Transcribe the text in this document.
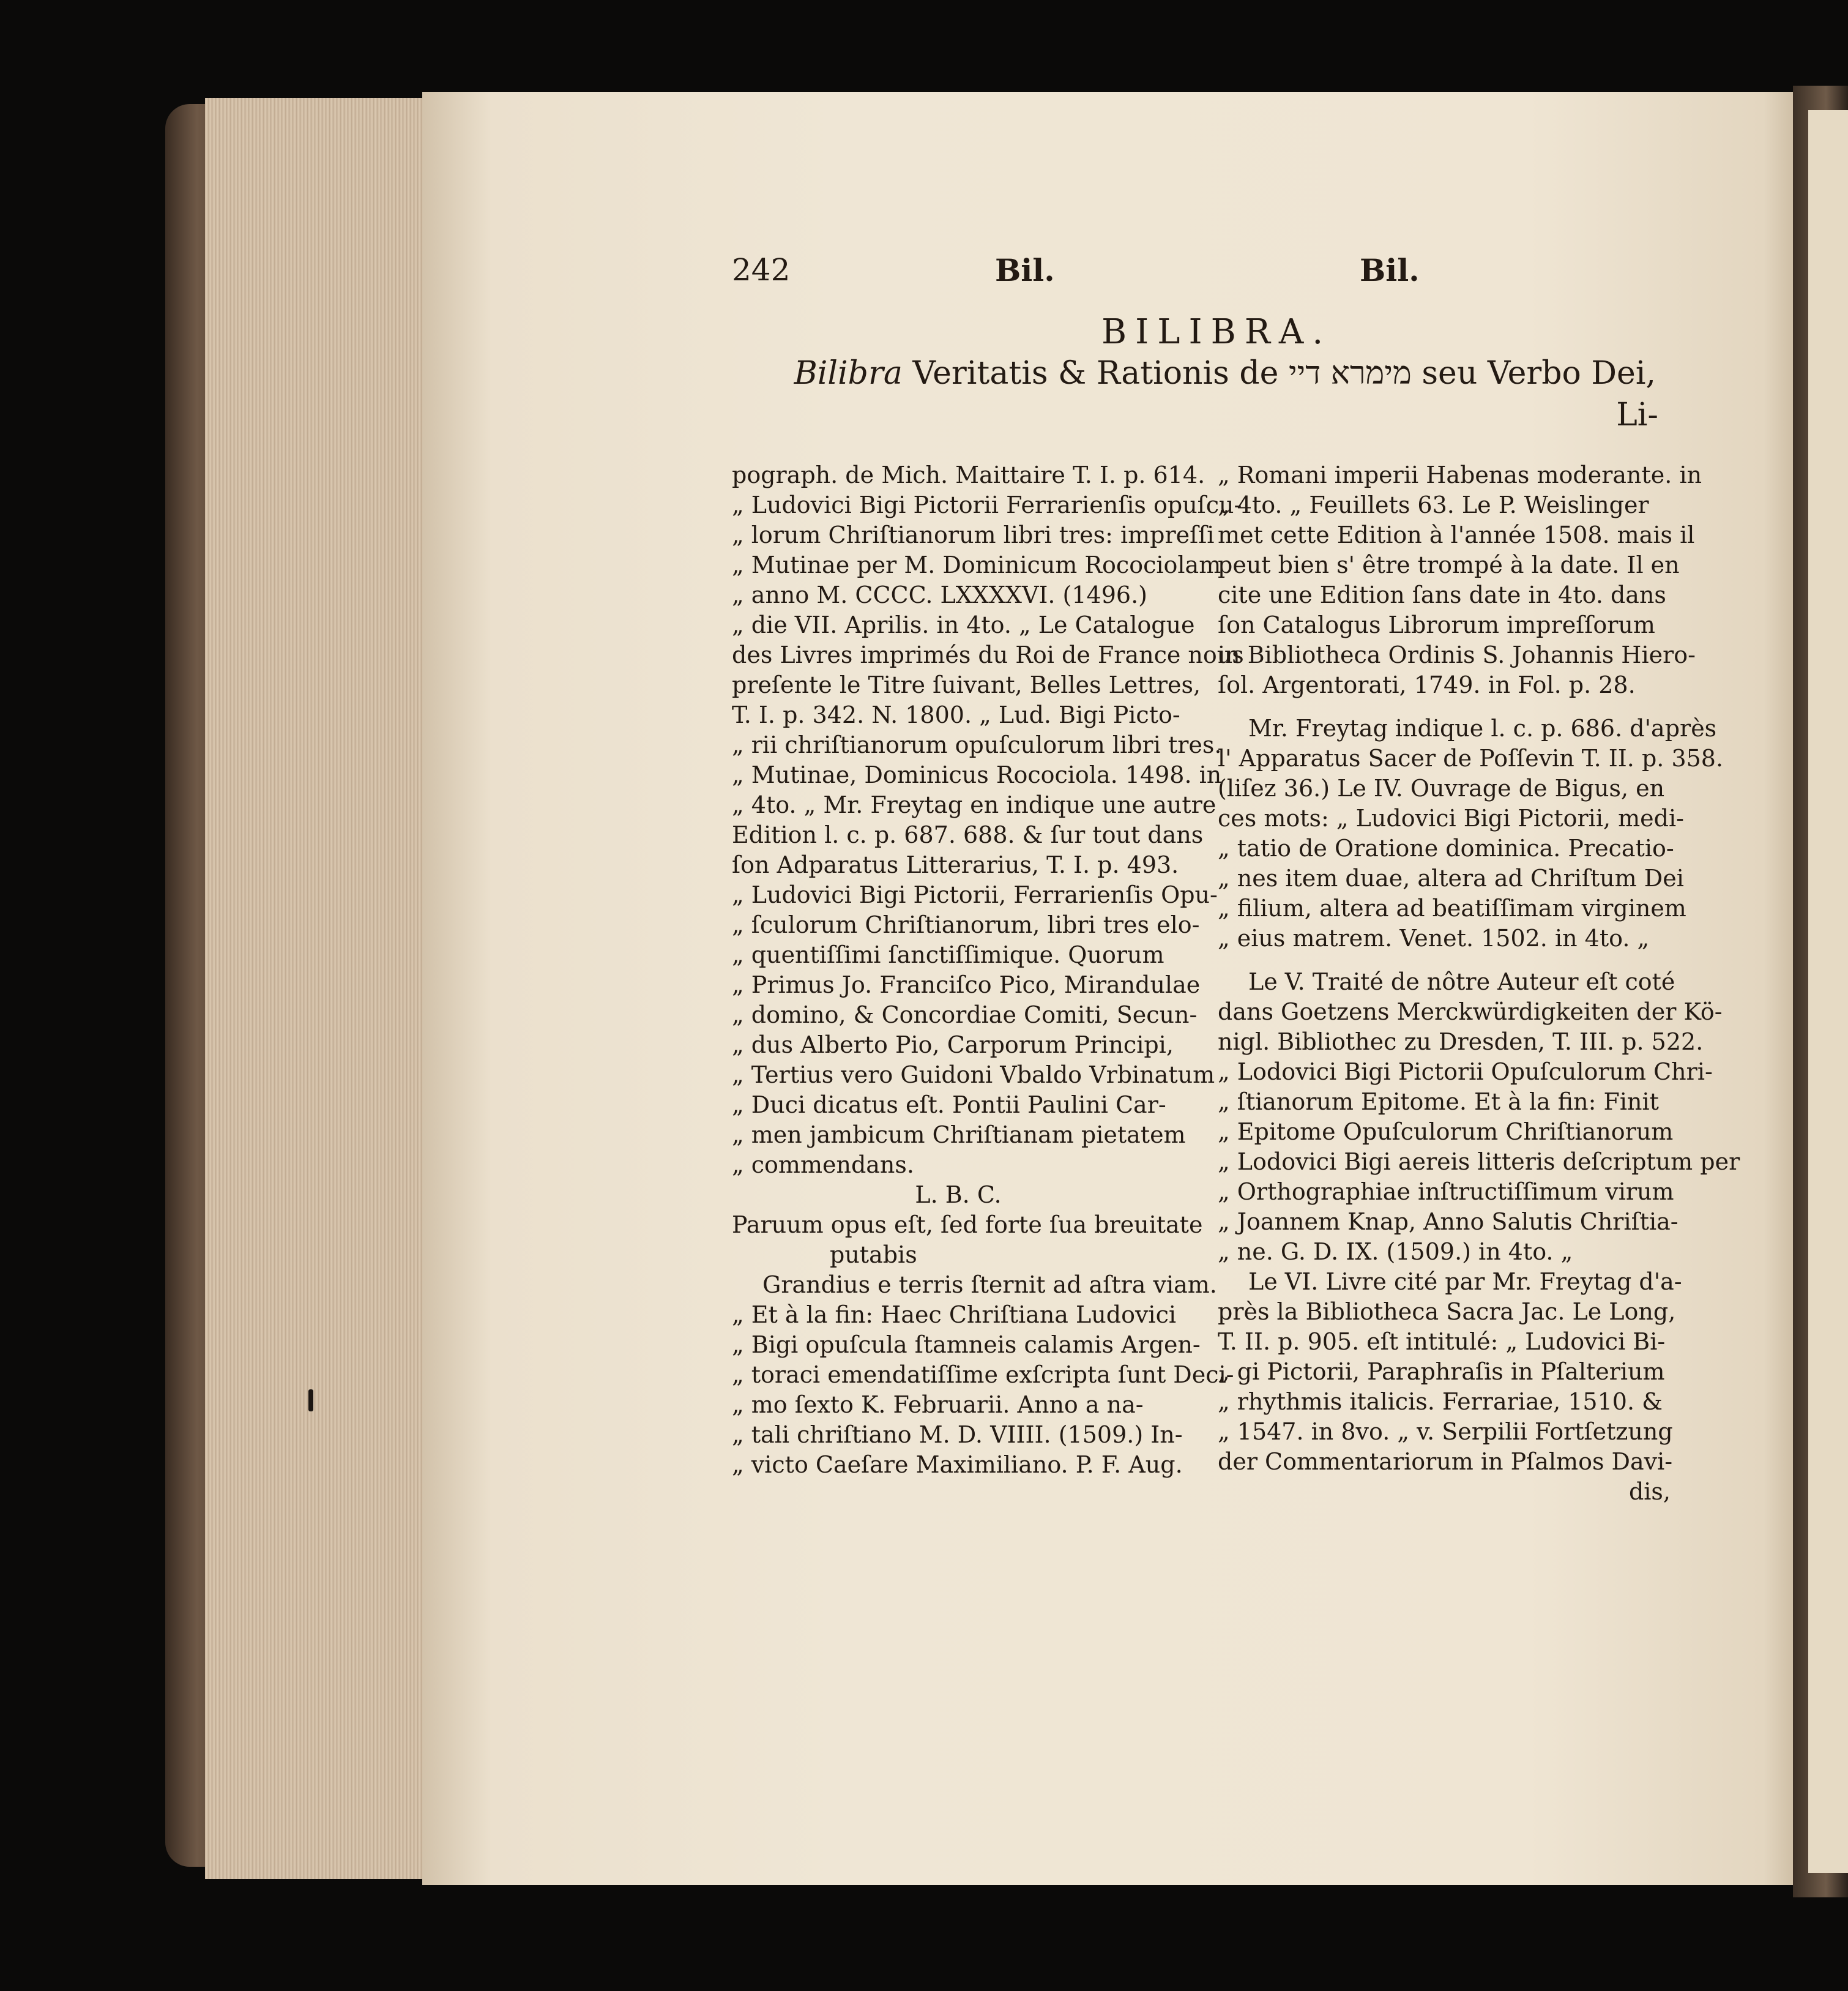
242	Bil.	Bil.
BILIBRA.
Bilibra Veritatis & Rationis de מימרא דיי seu Verbo Dei,
Li-
pograph. de Mich. Maittaire T. I. p. 614.
„ Ludovici Bigi Pictorii Ferrarienſis opuſcu-
„ lorum Chriſtianorum libri tres: impreſſi
„ Mutinae per M. Dominicum Rocociolam
„ anno M. CCCC. LXXXXVI. (1496.)
„ die VII. Aprilis. in 4to. „ Le Catalogue
des Livres imprimés du Roi de France nous
preſente le Titre ſuivant, Belles Lettres,
T. I. p. 342. N. 1800. „ Lud. Bigi Picto-
„ rii chriſtianorum opuſculorum libri tres.
„ Mutinae, Dominicus Rocociola. 1498. in
„ 4to. „ Mr. Freytag en indique une autre
Edition l. c. p. 687. 688. & ſur tout dans
ſon Adparatus Litterarius, T. I. p. 493.
„ Ludovici Bigi Pictorii, Ferrarienſis Opu-
„ ſculorum Chriſtianorum, libri tres elo-
„ quentiſſimi ſanctiſſimique. Quorum
„ Primus Jo. Franciſco Pico, Mirandulae
„ domino, & Concordiae Comiti, Secun-
„ dus Alberto Pio, Carporum Principi,
„ Tertius vero Guidoni Vbaldo Vrbinatum
„ Duci dicatus eſt. Pontii Paulini Car-
„ men jambicum Chriſtianam pietatem
„ commendans.
L. B. C.
Paruum opus eſt, ſed forte ſua breuitate
putabis
Grandius e terris ſternit ad aſtra viam.
„ Et à la fin: Haec Chriſtiana Ludovici
„ Bigi opuſcula ſtamneis calamis Argen-
„ toraci emendatiſſime exſcripta ſunt Deci-
„ mo ſexto K. Februarii. Anno a na-
„ tali chriſtiano M. D. VIIII. (1509.) In-
„ victo Caeſare Maximiliano. P. F. Aug.
„ Romani imperii Habenas moderante. in
„ 4to. „ Feuillets 63. Le P. Weislinger
met cette Edition à l'année 1508. mais il
peut bien s' être trompé à la date. Il en
cite une Edition ſans date in 4to. dans
ſon Catalogus Librorum impreſſorum
in Bibliotheca Ordinis S. Johannis Hiero-
ſol. Argentorati, 1749. in Fol. p. 28.
Mr. Freytag indique l. c. p. 686. d'après
l' Apparatus Sacer de Poſſevin T. II. p. 358.
(liſez 36.) Le IV. Ouvrage de Bigus, en
ces mots: „ Ludovici Bigi Pictorii, medi-
„ tatio de Oratione dominica. Precatio-
„ nes item duae, altera ad Chriſtum Dei
„ filium, altera ad beatiſſimam virginem
„ eius matrem. Venet. 1502. in 4to. „
Le V. Traité de nôtre Auteur eſt coté
dans Goetzens Merckwürdigkeiten der Kö-
nigl. Bibliothec zu Dresden, T. III. p. 522.
„ Lodovici Bigi Pictorii Opuſculorum Chri-
„ ſtianorum Epitome. Et à la fin: Finit
„ Epitome Opuſculorum Chriſtianorum
„ Lodovici Bigi aereis litteris deſcriptum per
„ Orthographiae inſtructiſſimum virum
„ Joannem Knap, Anno Salutis Chriſtia-
„ ne. G. D. IX. (1509.) in 4to. „
Le VI. Livre cité par Mr. Freytag d'a-
près la Bibliotheca Sacra Jac. Le Long,
T. II. p. 905. eſt intitulé: „ Ludovici Bi-
„ gi Pictorii, Paraphraſis in Pſalterium
„ rhythmis italicis. Ferrariae, 1510. &
„ 1547. in 8vo. „ v. Serpilii Fortſetzung
der Commentariorum in Pſalmos Davi-
dis,
